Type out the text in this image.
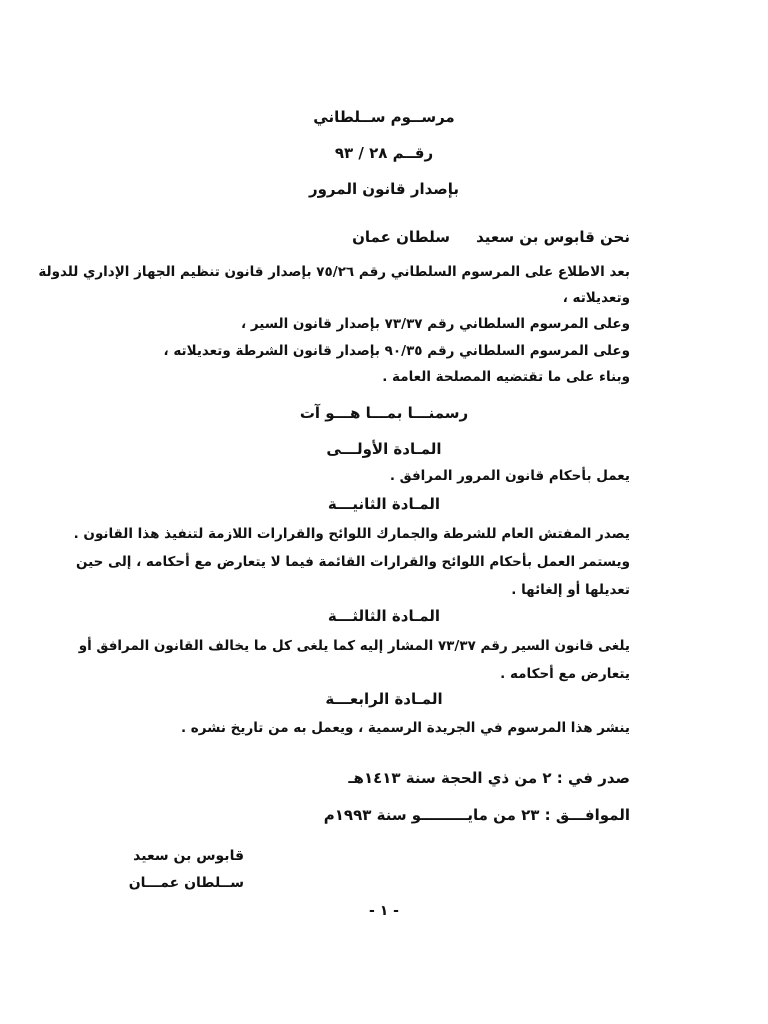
مرســوم ســلطاني
رقــم ٢٨ / ٩٣
بإصدار قانون المرور
نحن قابوس بن سعيد
سلطان عمان
بعد الاطلاع على المرسوم السلطاني رقم ٧٥/٢٦ بإصدار قانون تنظيم الجهاز الإداري للدولة
وتعديلاته ،
وعلى المرسوم السلطاني رقم ٧٣/٣٧ بإصدار قانون السير ،
وعلى المرسوم السلطاني رقم ٩٠/٣٥ بإصدار قانون الشرطة وتعديلاته ،
وبناء على ما تقتضيه المصلحة العامة .
رسمنـــا بمـــا هـــو آت
المـادة الأولـــى
يعمل بأحكام قانون المرور المرافق .
المـادة الثانيـــة
يصدر المفتش العام للشرطة والجمارك اللوائح والقرارات اللازمة لتنفيذ هذا القانون .
ويستمر العمل بأحكام اللوائح والقرارات القائمة فيما لا يتعارض مع أحكامه ، إلى حين
تعديلها أو إلغائها .
المـادة الثالثـــة
يلغى قانون السير رقم ٧٣/٣٧ المشار إليه كما يلغى كل ما يخالف القانون المرافق أو
يتعارض مع أحكامه .
المـادة الرابعـــة
ينشر هذا المرسوم في الجريدة الرسمية ، ويعمل به من تاريخ نشره .
صدر في : ٢ من ذي الحجة سنة ١٤١٣هـ
الموافـــق : ٢٣ من مايـــــــــو سنة ١٩٩٣م
قابوس بن سعيد
ســلطان عمـــان
- ١ -
